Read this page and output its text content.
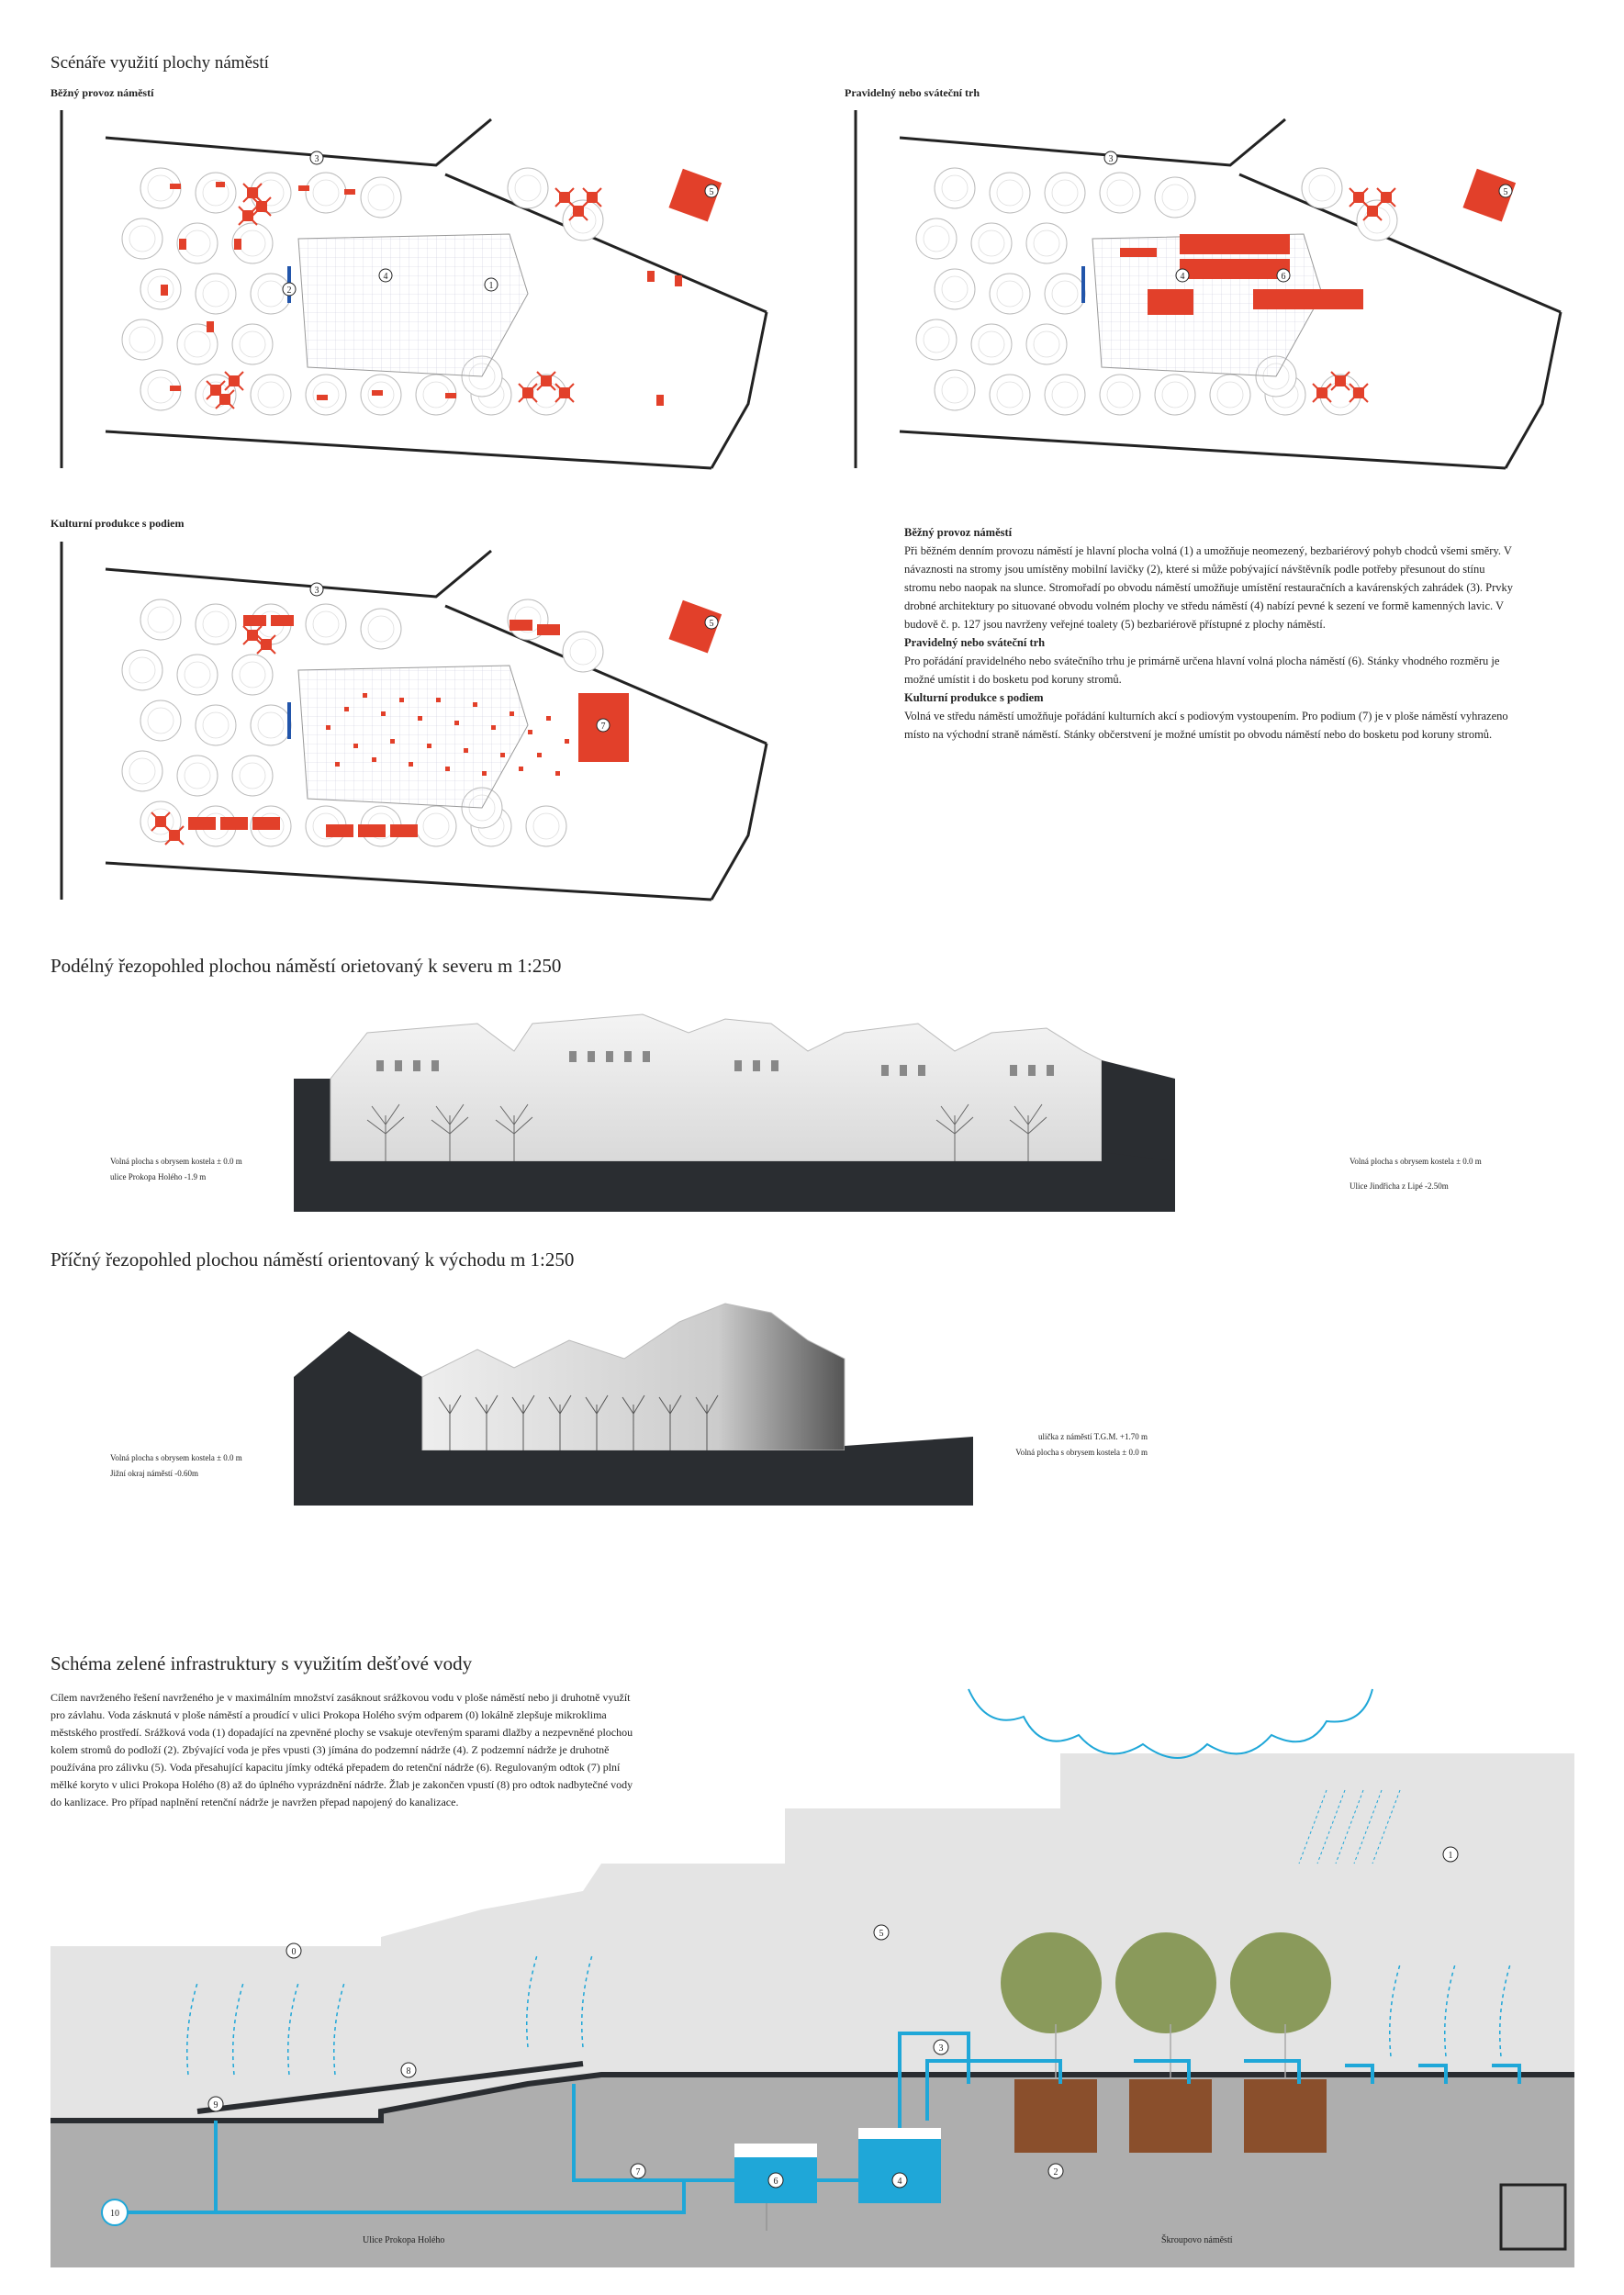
Scénáře využití plochy náměstí
Běžný provoz náměstí	Pravidelný nebo sváteční trh
Kulturní produkce s podiem
1
2
3
4
5
3
4
5
6
3
5
7
Běžný provoz náměstí
Při běžném denním provozu náměstí je hlavní plocha volná (1) a umožňuje neomezený, bezbariérový pohyb chodců všemi směry. V návaznosti na stromy jsou umístěny mobilní lavičky (2), které si může pobývající návštěvník podle potřeby přesunout do stínu stromu nebo naopak na slunce. Stromořadí po obvodu náměstí umožňuje umístění restauračních a kavárenských zahrádek (3). Prvky drobné architektury po situované obvodu volném plochy ve středu náměstí (4) nabízí pevné k sezení ve formě kamenných lavic. V budově č. p. 127 jsou navrženy veřejné toalety (5) bezbariérově přístupné z plochy náměstí.
Pravidelný nebo sváteční trh
Pro pořádání pravidelného nebo svátečního trhu je primárně určena hlavní volná plocha náměstí (6). Stánky vhodného rozměru je možné umístit i do bosketu pod koruny stromů.
Kulturní produkce s podiem
Volná ve středu náměstí umožňuje pořádání kulturních akcí s podiovým vystoupením. Pro podium (7) je v ploše náměstí vyhrazeno místo na východní straně náměstí. Stánky občerstvení je možné umístit po obvodu náměstí nebo do bosketu pod koruny stromů.
Podélný řezopohled plochou náměstí orietovaný k severu m 1:250
Volná plocha s obrysem kostela ± 0.0 m
ulice Prokopa Holého -1.9 m
Volná plocha s obrysem kostela ± 0.0 m
Ulice Jindřicha z Lipé -2.50m
Příčný řezopohled plochou náměstí orientovaný k východu m 1:250
Volná plocha s obrysem kostela ± 0.0 m
Jižní okraj náměstí -0.60m
ulička z náměstí T.G.M. +1.70 m
Volná plocha s obrysem kostela ± 0.0 m
Schéma zelené infrastruktury s využitím dešťové vody
Cílem navrženého řešení navrženého je v maximálním množství zasáknout srážkovou vodu v ploše náměstí nebo ji druhotně využít pro závlahu. Voda zásknutá v ploše náměstí a proudící v ulici Prokopa Holého svým odparem (0) lokálně zlepšuje mikroklima městského prostředí. Srážková voda (1) dopadající na zpevněné plochy se vsakuje otevřeným sparami dlažby a nezpevněné plochou kolem stromů do podloží (2). Zbývající voda je přes vpusti (3) jímána do podzemní nádrže (4). Z podzemní nádrže je druhotně používána pro zálivku (5). Voda přesahující kapacitu jímky odtéká přepadem do retenční nádrže (6). Regulovaným odtok (7) plní mělké koryto v ulici Prokopa Holého (8) až do úplného vyprázdnění nádrže. Žlab je zakončen vpustí (8) pro odtok nadbytečné vody do kanlizace. Pro případ naplnění retenční nádrže je navržen přepad napojený do kanalizace.
0
1
2
3
4
5
6
7
8
9
10
Ulice Prokopa Holého	Škroupovo náměstí
